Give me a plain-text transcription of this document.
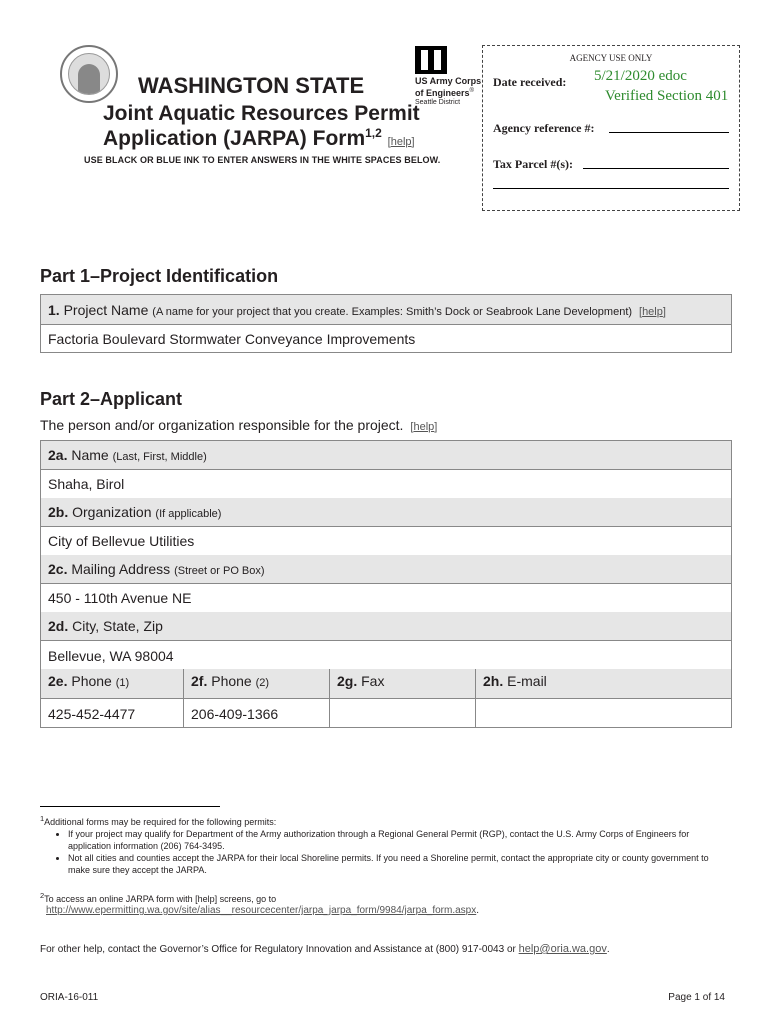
WASHINGTON STATE
Joint Aquatic Resources Permit
Application (JARPA) Form$^{1,2}$ [help]
USE BLACK OR BLUE INK TO ENTER ANSWERS IN THE WHITE SPACES BELOW.
US Army Corps
of Engineers®
Seattle District
AGENCY USE ONLY
Date received: 5/21/2020 edoc
Verified Section 401
Agency reference #:
Tax Parcel #(s):
Part 1–Project Identification
1. Project Name (A name for your project that you create. Examples: Smith’s Dock or Seabrook Lane Development)  [help]
Factoria Boulevard Stormwater Conveyance Improvements
Part 2–Applicant
The person and/or organization responsible for the project.  [help]
2a. Name (Last, First, Middle)
Shaha, Birol
2b. Organization (If applicable)
City of Bellevue Utilities
2c. Mailing Address (Street or PO Box)
450 - 110th Avenue NE
2d. City, State, Zip
Bellevue, WA 98004
2e. Phone (1)	2f. Phone (2)	2g. Fax	2h. E-mail
425-452-4477	206-409-1366
$^1$Additional forms may be required for the following permits:
• If your project may qualify for Department of the Army authorization through a Regional General Permit (RGP), contact the U.S. Army Corps of Engineers for application information (206) 764-3495.
• Not all cities and counties accept the JARPA for their local Shoreline permits. If you need a Shoreline permit, contact the appropriate city or county government to make sure they accept the JARPA.
$^2$To access an online JARPA form with [help] screens, go to
http://www.epermitting.wa.gov/site/alias__resourcecenter/jarpa_jarpa_form/9984/jarpa_form.aspx.
For other help, contact the Governor’s Office for Regulatory Innovation and Assistance at (800) 917-0043 or help@oria.wa.gov.
ORIA-16-011	Page 1 of 14
